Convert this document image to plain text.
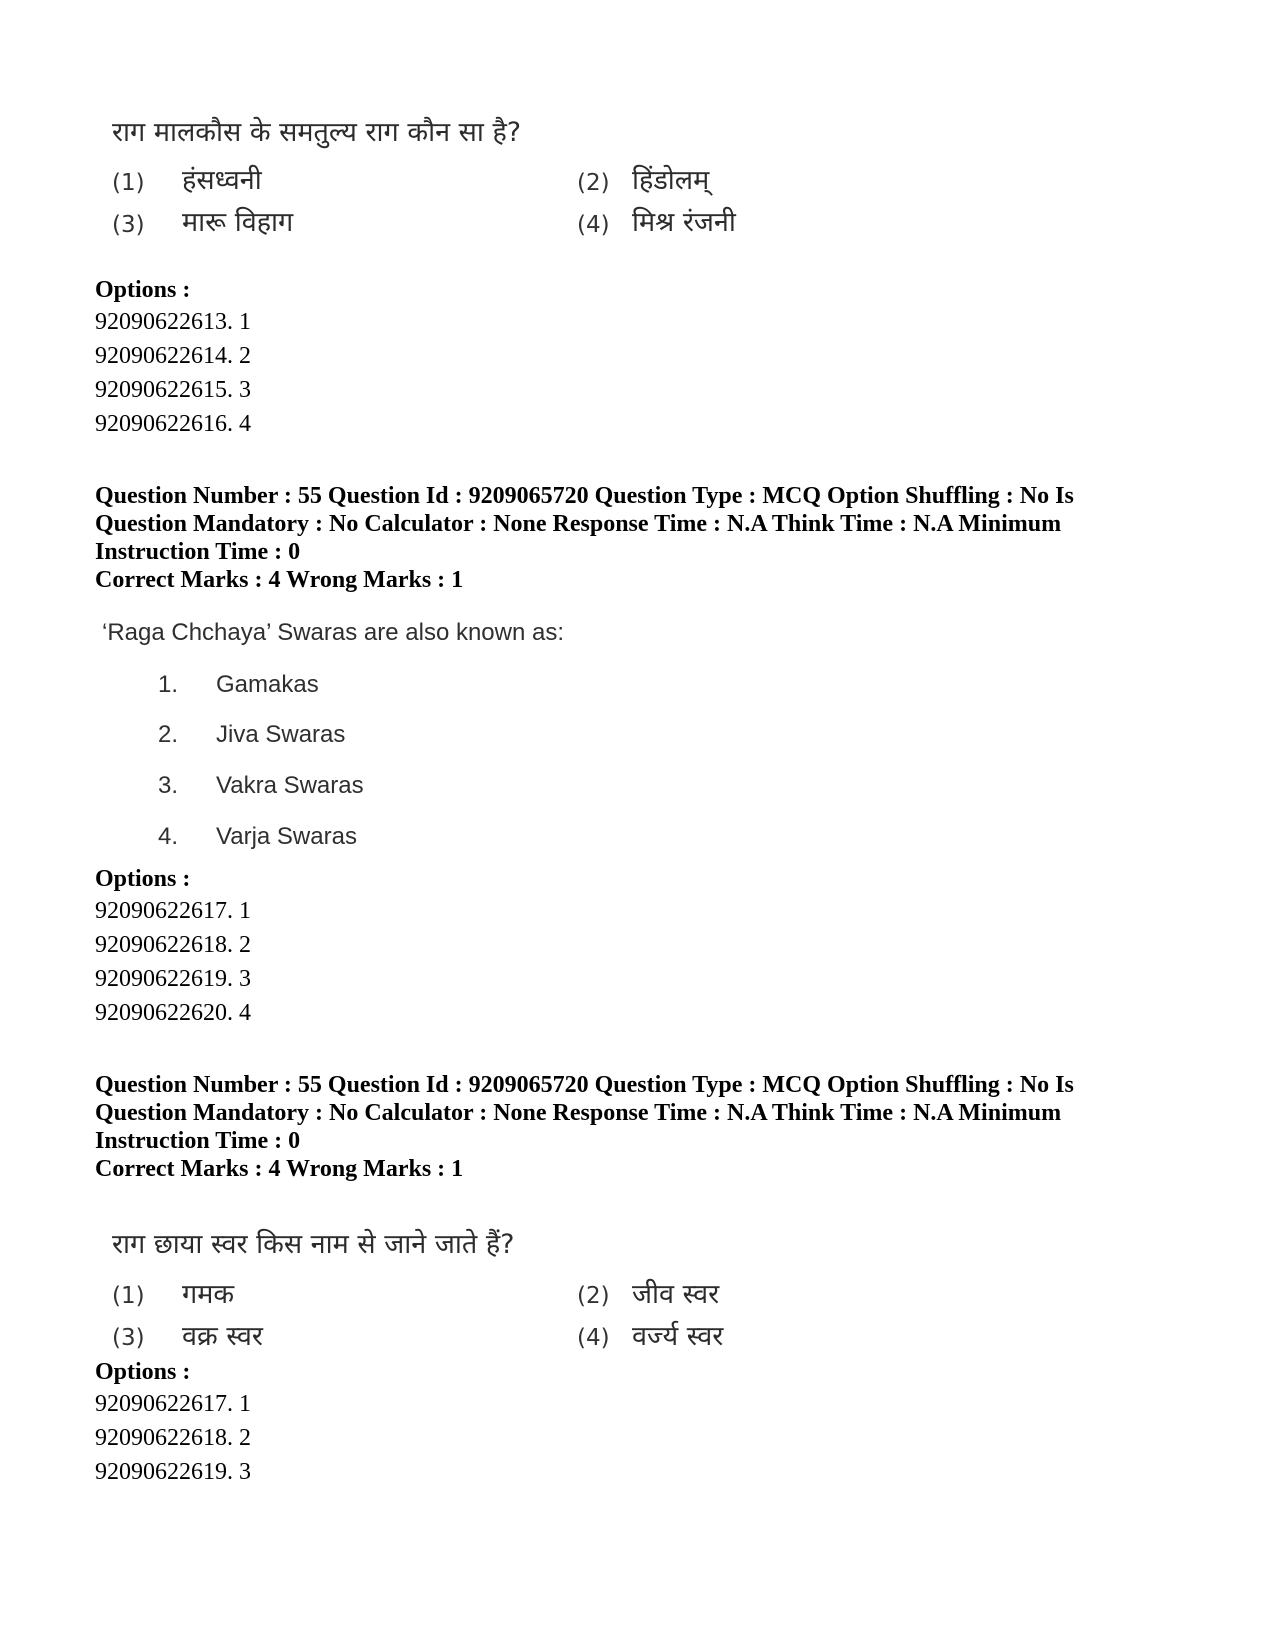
राग मालकौस के समतुल्य राग कौन सा है?
(1) हंसध्वनी	(2) हिंडोलम्
(3) मारू विहाग	(4) मिश्र रंजनी
Options :
92090622613. 1
92090622614. 2
92090622615. 3
92090622616. 4
Question Number : 55 Question Id : 9209065720 Question Type : MCQ Option Shuffling : No Is
Question Mandatory : No Calculator : None Response Time : N.A Think Time : N.A Minimum
Instruction Time : 0
Correct Marks : 4 Wrong Marks : 1
‘Raga Chchaya’ Swaras are also known as:
1. Gamakas
2. Jiva Swaras
3. Vakra Swaras
4. Varja Swaras
Options :
92090622617. 1
92090622618. 2
92090622619. 3
92090622620. 4
Question Number : 55 Question Id : 9209065720 Question Type : MCQ Option Shuffling : No Is
Question Mandatory : No Calculator : None Response Time : N.A Think Time : N.A Minimum
Instruction Time : 0
Correct Marks : 4 Wrong Marks : 1
राग छाया स्वर किस नाम से जाने जाते हैं?
(1) गमक	(2) जीव स्वर
(3) वक्र स्वर	(4) वर्ज्य स्वर
Options :
92090622617. 1
92090622618. 2
92090622619. 3
